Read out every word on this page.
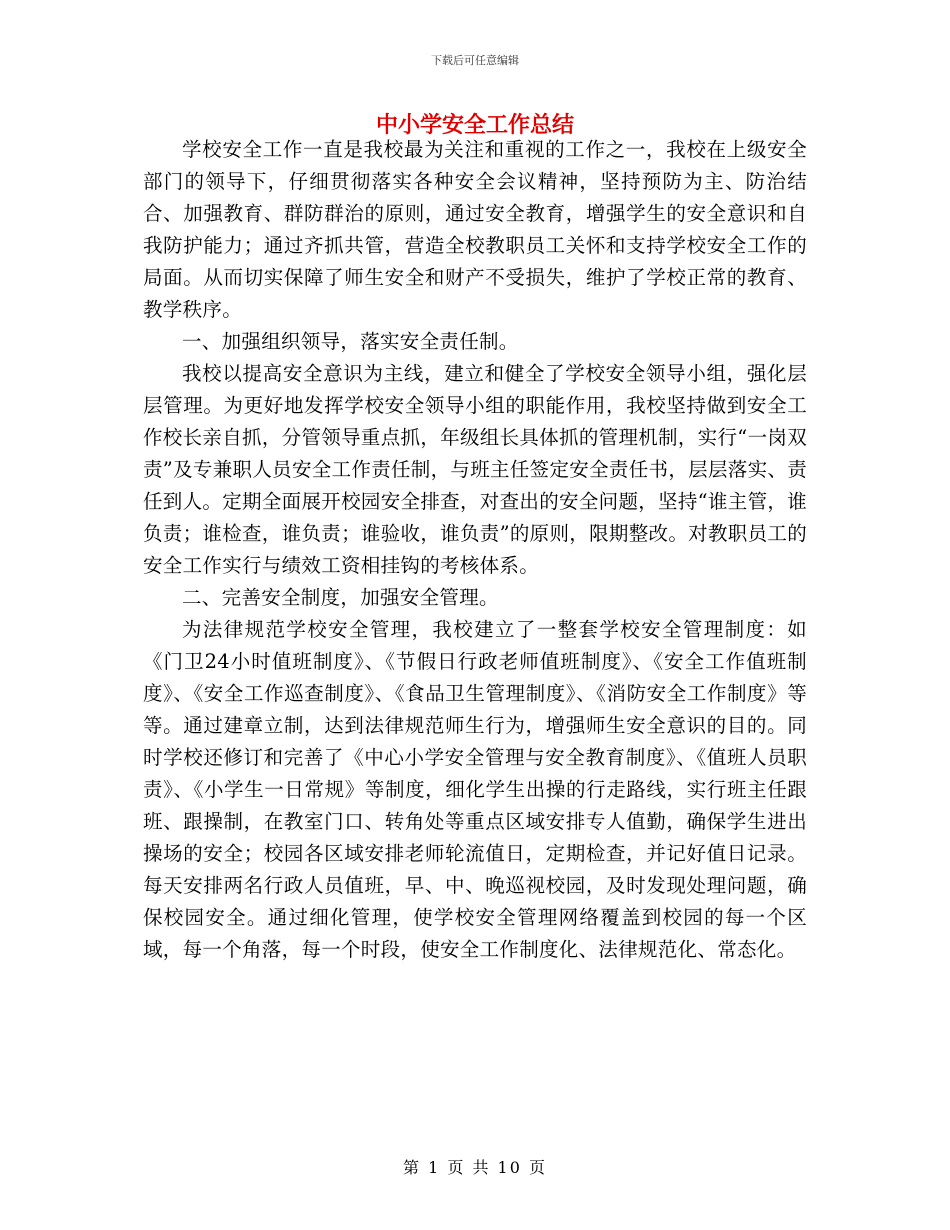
下载后可任意编辑
中小学安全工作总结

学校安全工作一直是我校最为关注和重视的工作之一，我校在上级安全部门的领导下，仔细贯彻落实各种安全会议精神，坚持预防为主、防治结合、加强教育、群防群治的原则，通过安全教育，增强学生的安全意识和自我防护能力；通过齐抓共管，营造全校教职员工关怀和支持学校安全工作的局面。从而切实保障了师生安全和财产不受损失，维护了学校正常的教育、教学秩序。

一、加强组织领导，落实安全责任制。

我校以提高安全意识为主线，建立和健全了学校安全领导小组，强化层层管理。为更好地发挥学校安全领导小组的职能作用，我校坚持做到安全工作校长亲自抓，分管领导重点抓，年级组长具体抓的管理机制，实行“一岗双责”及专兼职人员安全工作责任制，与班主任签定安全责任书，层层落实、责任到人。定期全面展开校园安全排查，对查出的安全问题，坚持“谁主管，谁负责；谁检查，谁负责；谁验收，谁负责”的原则，限期整改。对教职员工的安全工作实行与绩效工资相挂钩的考核体系。

二、完善安全制度，加强安全管理。

为法律规范学校安全管理，我校建立了一整套学校安全管理制度：如《门卫24小时值班制度》、《节假日行政老师值班制度》、《安全工作值班制度》、《安全工作巡查制度》、《食品卫生管理制度》、《消防安全工作制度》等等。通过建章立制，达到法律规范师生行为，增强师生安全意识的目的。同时学校还修订和完善了《中心小学安全管理与安全教育制度》、《值班人员职责》、《小学生一日常规》等制度，细化学生出操的行走路线，实行班主任跟班、跟操制，在教室门口、转角处等重点区域安排专人值勤，确保学生进出操场的安全；校园各区域安排老师轮流值日，定期检查，并记好值日记录。每天安排两名行政人员值班，早、中、晚巡视校园，及时发现处理问题，确保校园安全。通过细化管理，使学校安全管理网络覆盖到校园的每一个区域，每一个角落，每一个时段，使安全工作制度化、法律规范化、常态化。

第 1 页 共 10 页
